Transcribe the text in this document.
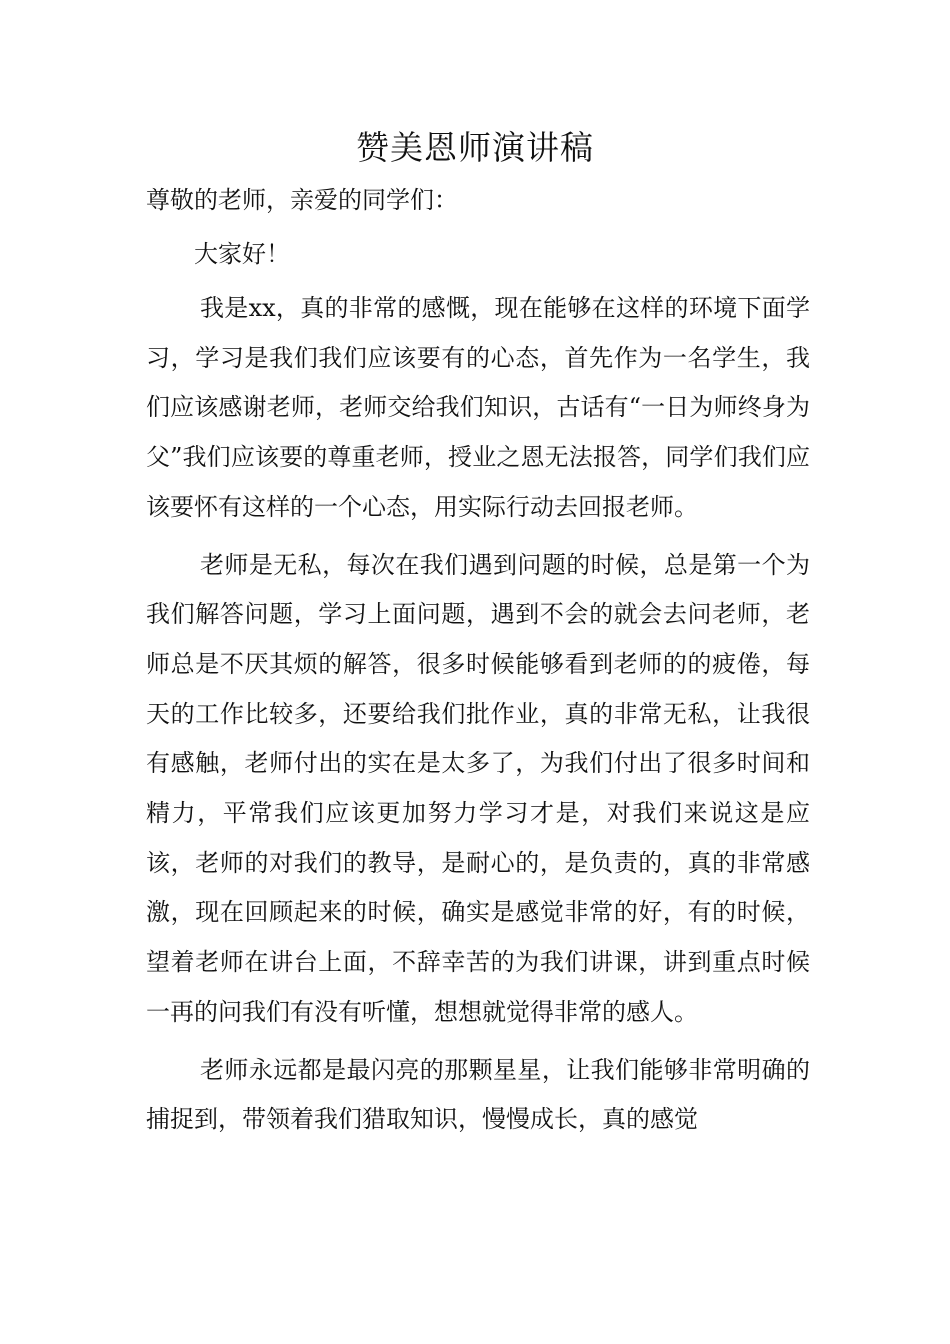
赞美恩师演讲稿

尊敬的老师，亲爱的同学们：

大家好！

我是xx，真的非常的感慨，现在能够在这样的环境下面学习，学习是我们我们应该要有的心态，首先作为一名学生，我们应该感谢老师，老师交给我们知识，古话有“一日为师终身为父”我们应该要的尊重老师，授业之恩无法报答，同学们我们应该要怀有这样的一个心态，用实际行动去回报老师。

老师是无私，每次在我们遇到问题的时候，总是第一个为我们解答问题，学习上面问题，遇到不会的就会去问老师，老师总是不厌其烦的解答，很多时候能够看到老师的的疲倦，每天的工作比较多，还要给我们批作业，真的非常无私，让我很有感触，老师付出的实在是太多了，为我们付出了很多时间和精力，平常我们应该更加努力学习才是，对我们来说这是应该，老师的对我们的教导，是耐心的，是负责的，真的非常感激，现在回顾起来的时候，确实是感觉非常的好，有的时候，望着老师在讲台上面，不辞幸苦的为我们讲课，讲到重点时候一再的问我们有没有听懂，想想就觉得非常的感人。

老师永远都是最闪亮的那颗星星，让我们能够非常明确的捕捉到，带领着我们猎取知识，慢慢成长，真的感觉
